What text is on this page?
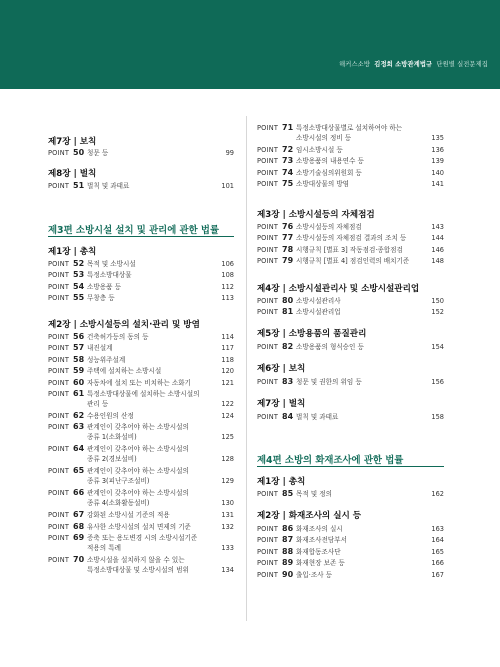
해커스소방 김정희 소방관계법규 단원별 실전문제집
제7장 | 보칙
POINT 50 청문 등	99
제8장 | 벌칙
POINT 51 벌칙 및 과태료	101
제3편 소방시설 설치 및 관리에 관한 법률
제1장 | 총칙
POINT 52 목적 및 소방시설	106
POINT 53 특정소방대상물	108
POINT 54 소방용품 등	112
POINT 55 무창층 등	113
제2장 | 소방시설등의 설치·관리 및 방염
POINT 56 건축허가등의 동의 등	114
POINT 57 내진설계	117
POINT 58 성능위주설계	118
POINT 59 주택에 설치하는 소방시설	120
POINT 60 자동차에 설치 또는 비치하는 소화기	121
POINT 61 특정소방대상물에 설치하는 소방시설의
관리 등	122
POINT 62 수용인원의 산정	124
POINT 63 관계인이 갖추어야 하는 소방시설의
종류 1(소화설비)	125
POINT 64 관계인이 갖추어야 하는 소방시설의
종류 2(경보설비)	128
POINT 65 관계인이 갖추어야 하는 소방시설의
종류 3(피난구조설비)	129
POINT 66 관계인이 갖추어야 하는 소방시설의
종류 4(소화활동설비)	130
POINT 67 강화된 소방시설 기준의 적용	131
POINT 68 유사한 소방시설의 설치 면제의 기준	132
POINT 69 증축 또는 용도변경 시의 소방시설기준
적용의 특례	133
POINT 70 소방시설을 설치하지 않을 수 있는
특정소방대상물 및 소방시설의 범위	134
POINT 71 특정소방대상물별로 설치하여야 하는
소방시설의 정비 등	135
POINT 72 임시소방시설 등	136
POINT 73 소방용품의 내용연수 등	139
POINT 74 소방기술심의위원회 등	140
POINT 75 소방대상물의 방염	141
제3장 | 소방시설등의 자체점검
POINT 76 소방시설등의 자체점검	143
POINT 77 소방시설등의 자체점검 결과의 조치 등	144
POINT 78 시행규칙 [별표 3] 작동점검·종합점검	146
POINT 79 시행규칙 [별표 4] 점검인력의 배치기준	148
제4장 | 소방시설관리사 및 소방시설관리업
POINT 80 소방시설관리사	150
POINT 81 소방시설관리업	152
제5장 | 소방용품의 품질관리
POINT 82 소방용품의 형식승인 등	154
제6장 | 보칙
POINT 83 청문 및 권한의 위임 등	156
제7장 | 벌칙
POINT 84 벌칙 및 과태료	158
제4편 소방의 화재조사에 관한 법률
제1장 | 총칙
POINT 85 목적 및 정의	162
제2장 | 화재조사의 실시 등
POINT 86 화재조사의 실시	163
POINT 87 화재조사전담부서	164
POINT 88 화재합동조사단	165
POINT 89 화재현장 보존 등	166
POINT 90 출입·조사 등	167
